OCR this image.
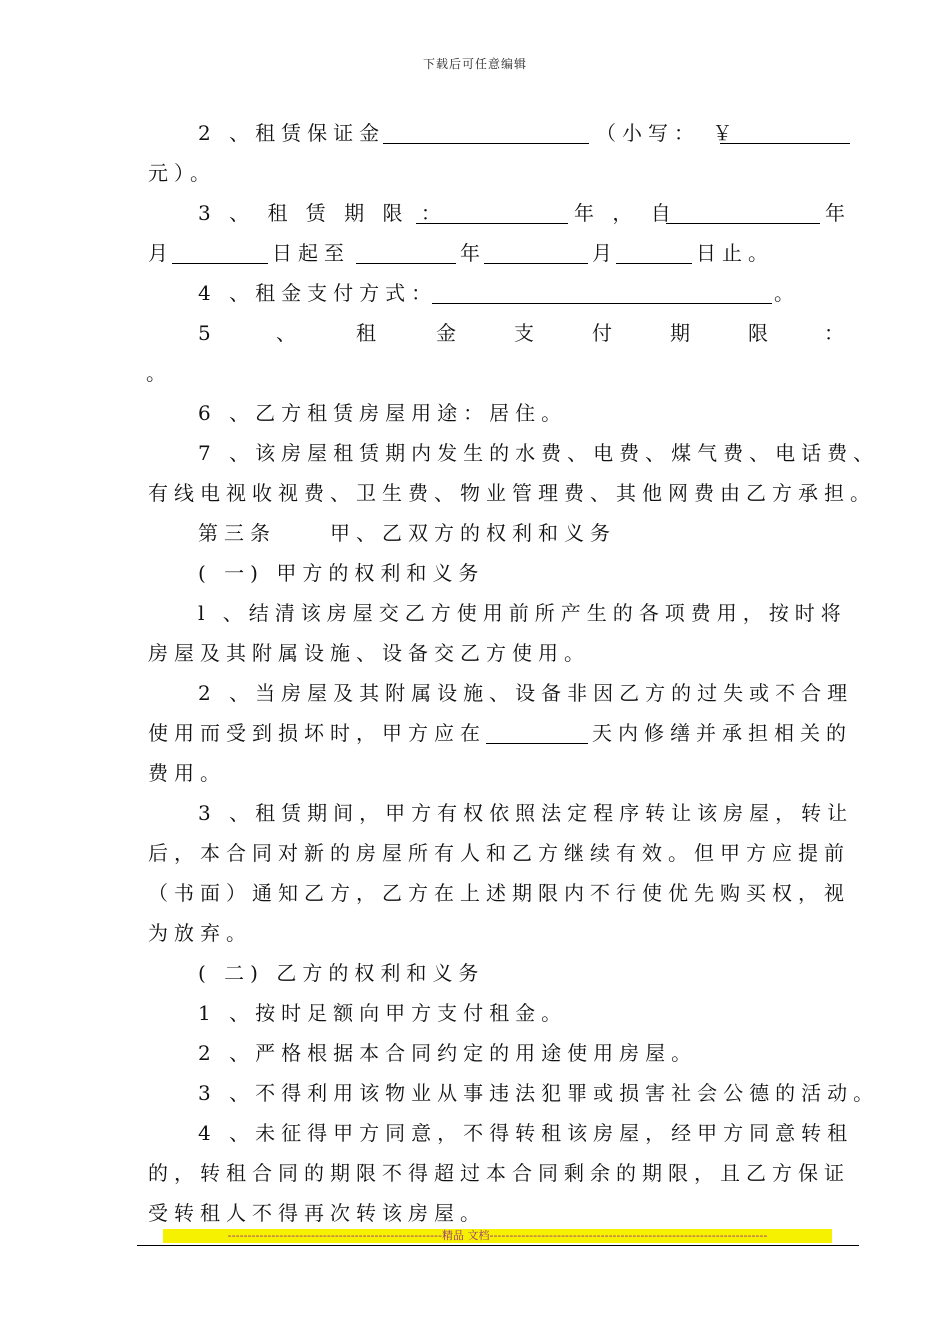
下载后可任意编辑
2 、租赁保证金	（小写： ￥
元）。
3 、 租 赁 期 限 ：	年 ， 自	年
月	日起至	年	月	日止。
4 、租金支付方式：	。
5	、	租	金	支	付	期	限	：
。
6 、乙方租赁房屋用途：居住。
7 、该房屋租赁期内发生的水费、电费、煤气费、电话费、
有线电视收视费、卫生费、物业管理费、其他网费由乙方承担。
第三条	甲、乙双方的权利和义务
( 一) 甲方的权利和义务
l 、结清该房屋交乙方使用前所产生的各项费用，按时将
房屋及其附属设施、设备交乙方使用。
2 、当房屋及其附属设施、设备非因乙方的过失或不合理
使用而受到损坏时，甲方应在	天内修缮并承担相关的
费用。
3 、租赁期间，甲方有权依照法定程序转让该房屋，转让
后，本合同对新的房屋所有人和乙方继续有效。但甲方应提前
（书面）通知乙方，乙方在上述期限内不行使优先购买权，视
为放弃。
( 二) 乙方的权利和义务
1 、按时足额向甲方支付租金。
2 、严格根据本合同约定的用途使用房屋。
3 、不得利用该物业从事违法犯罪或损害社会公德的活动。
4 、未征得甲方同意，不得转租该房屋，经甲方同意转租
的，转租合同的期限不得超过本合同剩余的期限，且乙方保证
受转租人不得再次转该房屋。
------------------------------------------------------精品 文档----------------------------------------------------------------------
